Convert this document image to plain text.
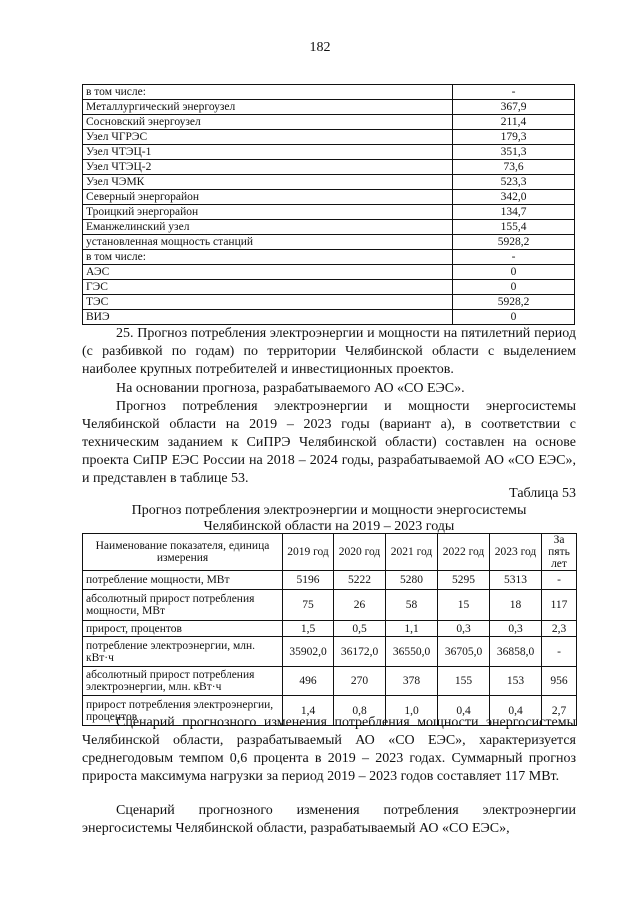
182
в том числе:	-
Металлургический энергоузел	367,9
Сосновский энергоузел	211,4
Узел ЧГРЭС	179,3
Узел ЧТЭЦ-1	351,3
Узел ЧТЭЦ-2	73,6
Узел ЧЭМК	523,3
Северный энергорайон	342,0
Троицкий энергорайон	134,7
Еманжелинский узел	155,4
установленная мощность станций	5928,2
в том числе:	-
АЭС	0
ГЭС	0
ТЭС	5928,2
ВИЭ	0

25. Прогноз потребления электроэнергии и мощности на пятилетний период (с разбивкой по годам) по территории Челябинской области с выделением наиболее крупных потребителей и инвестиционных проектов.

На основании прогноза, разрабатываемого АО «СО ЕЭС».

Прогноз потребления электроэнергии и мощности энергосистемы Челябинской области на 2019 – 2023 годы (вариант а), в соответствии с техническим заданием к СиПРЭ Челябинской области) составлен на основе проекта СиПР ЕЭС России на 2018 – 2024 годы, разрабатываемой АО «СО ЕЭС», и представлен в таблице 53.

Таблица 53

Прогноз потребления электроэнергии и мощности энергосистемы

Челябинской области на 2019 – 2023 годы

Наименование показателя, единица измерения	2019 год	2020 год	2021 год	2022 год	2023 год	За пять лет
потребление мощности, МВт	5196	5222	5280	5295	5313	-
абсолютный прирост потребления мощности, МВт	75	26	58	15	18	117
прирост, процентов	1,5	0,5	1,1	0,3	0,3	2,3
потребление электроэнергии, млн. кВт·ч	35902,0	36172,0	36550,0	36705,0	36858,0	-
абсолютный прирост потребления электроэнергии, млн. кВт·ч	496	270	378	155	153	956
прирост потребления электроэнергии, процентов	1,4	0,8	1,0	0,4	0,4	2,7

Сценарий прогнозного изменения потребления мощности энергосистемы Челябинской области, разрабатываемый АО «СО ЕЭС», характеризуется среднегодовым темпом 0,6 процента в 2019 – 2023 годах. Суммарный прогноз прироста максимума нагрузки за период 2019 – 2023 годов составляет 117 МВт.

Сценарий прогнозного изменения потребления электроэнергии энергосистемы Челябинской области, разрабатываемый АО «СО ЕЭС»,
